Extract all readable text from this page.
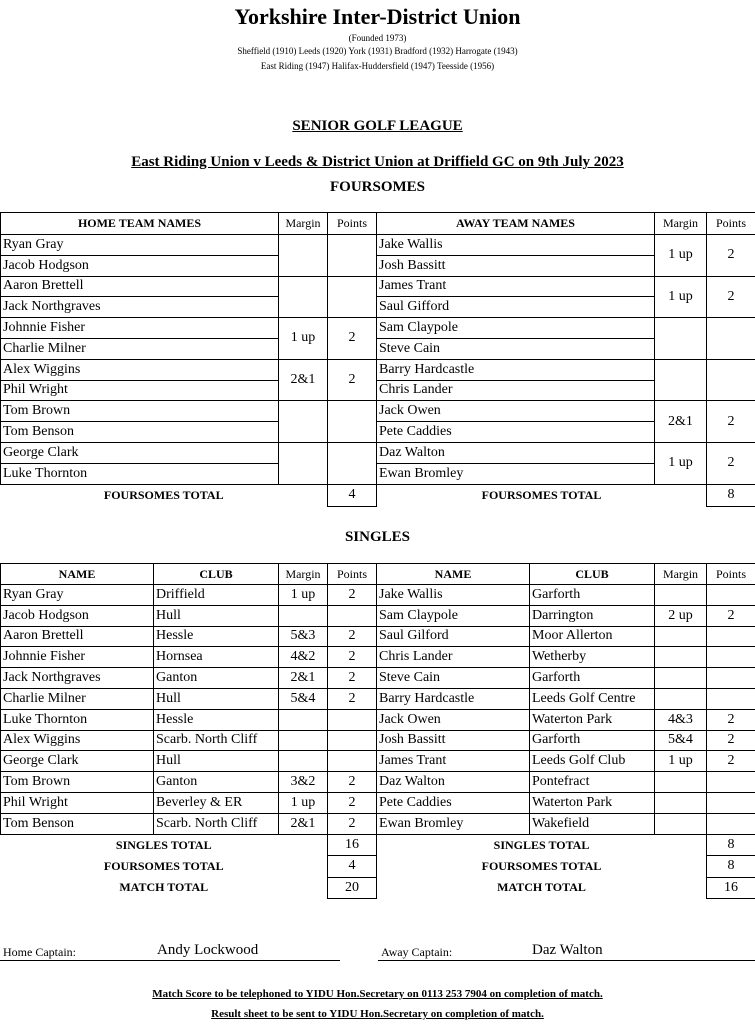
Yorkshire Inter-District Union
(Founded 1973)
Sheffield (1910) Leeds (1920) York (1931) Bradford (1932) Harrogate (1943)
East Riding (1947) Halifax-Huddersfield (1947) Teesside (1956)
SENIOR GOLF LEAGUE
East Riding Union v Leeds & District Union at Driffield GC on 9th July 2023
FOURSOMES
HOME TEAM NAMES	Margin	Points	AWAY TEAM NAMES	Margin	Points
Ryan Gray			Jake Wallis	1 up	2
Jacob Hodgson			Josh Bassitt		
Aaron Brettell			James Trant	1 up	2
Jack Northgraves			Saul Gifford		
Johnnie Fisher	1 up	2	Sam Claypole		
Charlie Milner			Steve Cain		
Alex Wiggins	2&1	2	Barry Hardcastle		
Phil Wright			Chris Lander		
Tom Brown			Jack Owen	2&1	2
Tom Benson			Pete Caddies		
George Clark			Daz Walton	1 up	2
Luke Thornton			Ewan Bromley		
FOURSOMES TOTAL		4	FOURSOMES TOTAL		8
SINGLES
NAME	CLUB	Margin	Points	NAME	CLUB	Margin	Points
Ryan Gray	Driffield	1 up	2	Jake Wallis	Garforth		
Jacob Hodgson	Hull			Sam Claypole	Darrington	2 up	2
Aaron Brettell	Hessle	5&3	2	Saul Gilford	Moor Allerton		
Johnnie Fisher	Hornsea	4&2	2	Chris Lander	Wetherby		
Jack Northgraves	Ganton	2&1	2	Steve Cain	Garforth		
Charlie Milner	Hull	5&4	2	Barry Hardcastle	Leeds Golf Centre		
Luke Thornton	Hessle			Jack Owen	Waterton Park	4&3	2
Alex Wiggins	Scarb. North Cliff			Josh Bassitt	Garforth	5&4	2
George Clark	Hull			James Trant	Leeds Golf Club	1 up	2
Tom Brown	Ganton	3&2	2	Daz Walton	Pontefract		
Phil Wright	Beverley & ER	1 up	2	Pete Caddies	Waterton Park		
Tom Benson	Scarb. North Cliff	2&1	2	Ewan Bromley	Wakefield		
SINGLES TOTAL			16	SINGLES TOTAL			8
FOURSOMES TOTAL			4	FOURSOMES TOTAL			8
MATCH TOTAL			20	MATCH TOTAL			16
Home Captain:	Andy Lockwood	Away Captain:	Daz Walton
Match Score to be telephoned to YIDU Hon.Secretary on 0113 253 7904 on completion of match.
Result sheet to be sent to YIDU Hon.Secretary on completion of match.
